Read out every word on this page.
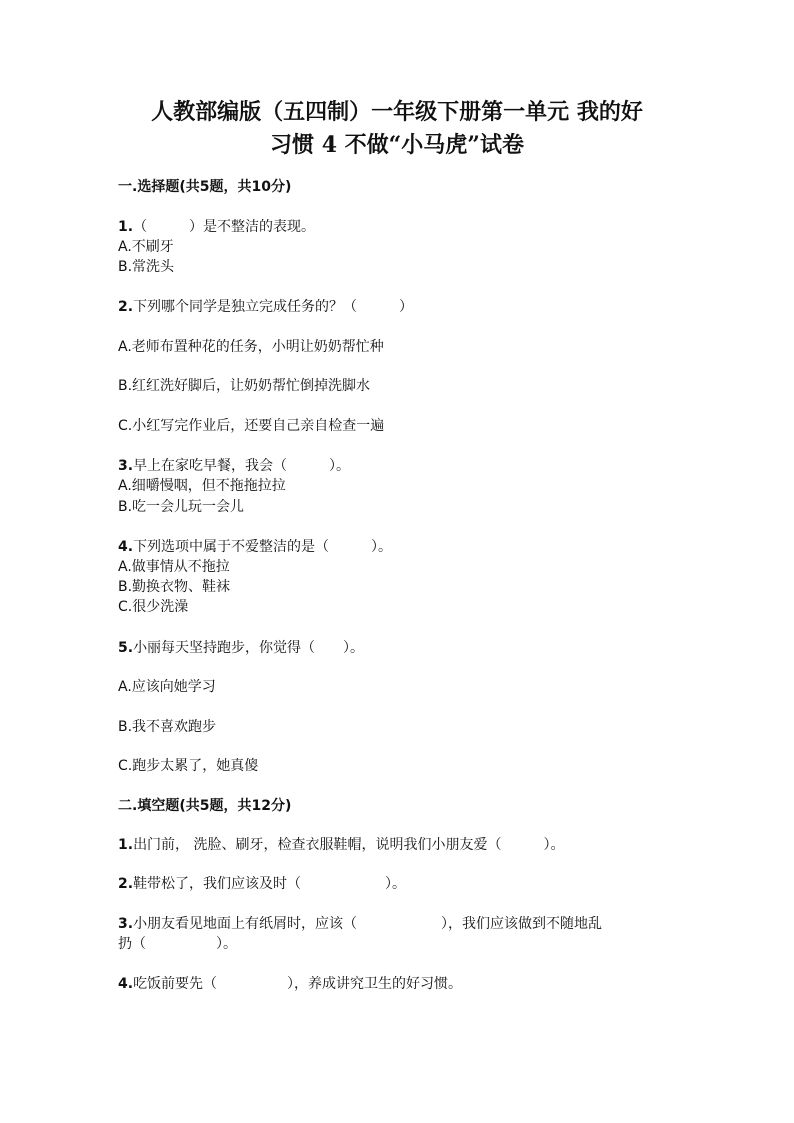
人教部编版（五四制）一年级下册第一单元 我的好
习惯 4 不做“小马虎”试卷
一.选择题(共5题，共10分)
1.（　　　）是不整洁的表现。
A.不刷牙
B.常洗头
2.下列哪个同学是独立完成任务的？（　　　）
A.老师布置种花的任务，小明让奶奶帮忙种
B.红红洗好脚后，让奶奶帮忙倒掉洗脚水
C.小红写完作业后，还要自己亲自检查一遍
3.早上在家吃早餐，我会（　　　）。
A.细嚼慢咽，但不拖拖拉拉
B.吃一会儿玩一会儿
4.下列选项中属于不爱整洁的是（　　　）。
A.做事情从不拖拉
B.勤换衣物、鞋袜
C.很少洗澡
5.小丽每天坚持跑步，你觉得（　　）。
A.应该向她学习
B.我不喜欢跑步
C.跑步太累了，她真傻
二.填空题(共5题，共12分)
1.出门前， 洗脸、刷牙，检查衣服鞋帽，说明我们小朋友爱（　　　）。
2.鞋带松了，我们应该及时（　　　　　　）。
3.小朋友看见地面上有纸屑时，应该（　　　　　　），我们应该做到不随地乱
扔（　　　　　）。
4.吃饭前要先（　　　　　），养成讲究卫生的好习惯。
